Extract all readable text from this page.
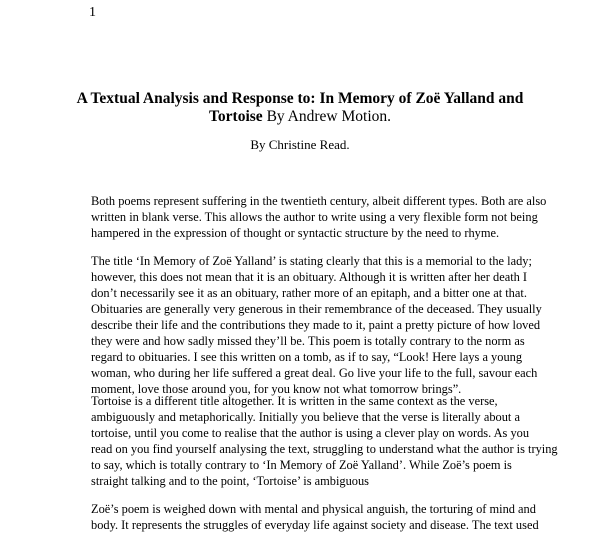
1
A Textual Analysis and Response to: In Memory of Zoë Yalland and
Tortoise By Andrew Motion.
By Christine Read.
Both poems represent suffering in the twentieth century, albeit different types. Both are also
written in blank verse. This allows the author to write using a very flexible form not being
hampered in the expression of thought or syntactic structure by the need to rhyme.
The title ‘In Memory of Zoë Yalland’ is stating clearly that this is a memorial to the lady;
however, this does not mean that it is an obituary. Although it is written after her death I
don’t necessarily see it as an obituary, rather more of an epitaph, and a bitter one at that.
Obituaries are generally very generous in their remembrance of the deceased. They usually
describe their life and the contributions they made to it, paint a pretty picture of how loved
they were and how sadly missed they’ll be. This poem is totally contrary to the norm as
regard to obituaries. I see this written on a tomb, as if to say, “Look! Here lays a young
woman, who during her life suffered a great deal. Go live your life to the full, savour each
moment, love those around you, for you know not what tomorrow brings”.
Tortoise is a different title altogether. It is written in the same context as the verse,
ambiguously and metaphorically. Initially you believe that the verse is literally about a
tortoise, until you come to realise that the author is using a clever play on words. As you
read on you find yourself analysing the text, struggling to understand what the author is trying
to say, which is totally contrary to ‘In Memory of Zoë Yalland’. While Zoë’s poem is
straight talking and to the point, ‘Tortoise’ is ambiguous
Zoë’s poem is weighed down with mental and physical anguish, the torturing of mind and
body. It represents the struggles of everyday life against society and disease. The text used
